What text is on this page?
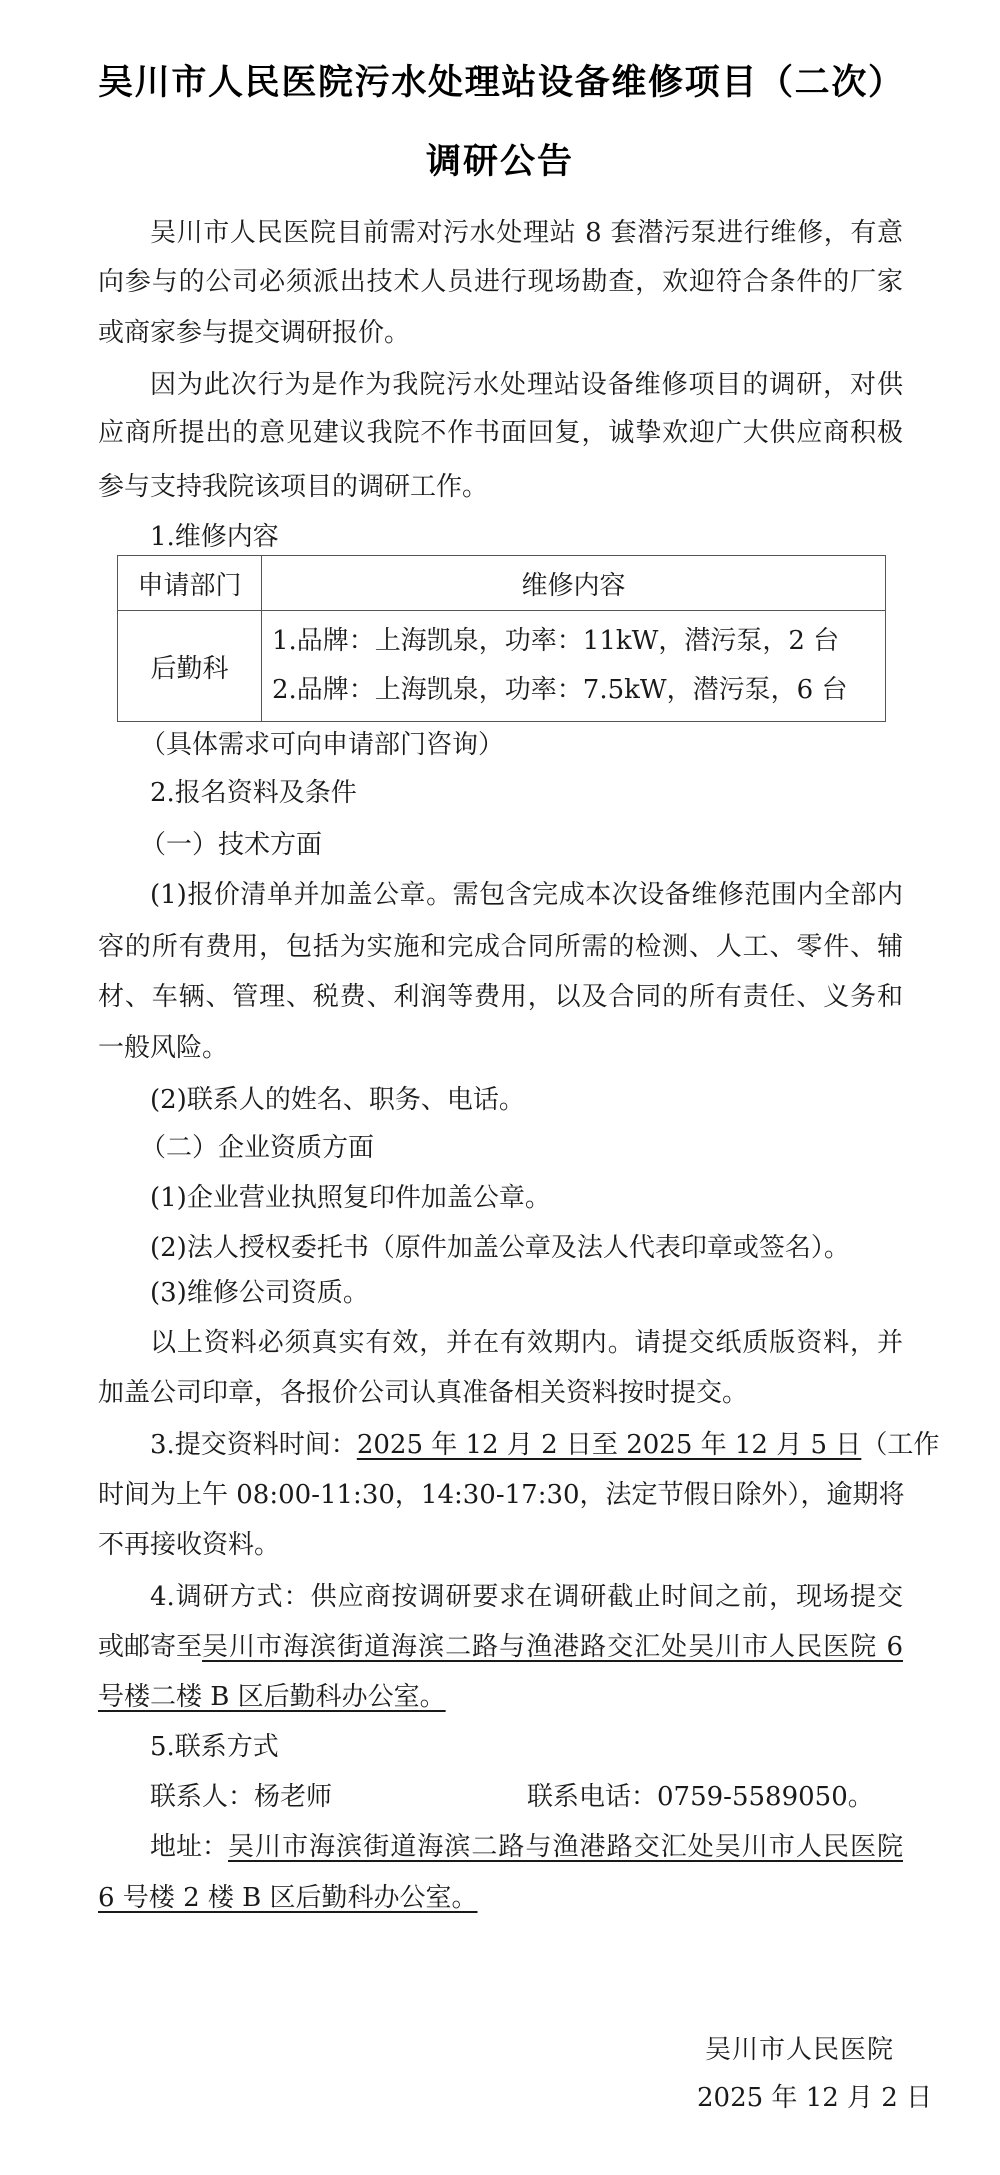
吴川市人民医院污水处理站设备维修项目（二次）
调研公告
吴川市人民医院目前需对污水处理站 8 套潜污泵进行维修，有意
向参与的公司必须派出技术人员进行现场勘查，欢迎符合条件的厂家
或商家参与提交调研报价。
因为此次行为是作为我院污水处理站设备维修项目的调研，对供
应商所提出的意见建议我院不作书面回复，诚挚欢迎广大供应商积极
参与支持我院该项目的调研工作。
1.维修内容
申请部门	维修内容
后勤科	1.品牌：上海凯泉，功率：11kW，潜污泵，2 台
2.品牌：上海凯泉，功率：7.5kW，潜污泵，6 台
（具体需求可向申请部门咨询）
2.报名资料及条件
（一）技术方面
(1)报价清单并加盖公章。需包含完成本次设备维修范围内全部内
容的所有费用，包括为实施和完成合同所需的检测、人工、零件、辅
材、车辆、管理、税费、利润等费用，以及合同的所有责任、义务和
一般风险。
(2)联系人的姓名、职务、电话。
（二）企业资质方面
(1)企业营业执照复印件加盖公章。
(2)法人授权委托书（原件加盖公章及法人代表印章或签名）。
(3)维修公司资质。
以上资料必须真实有效，并在有效期内。请提交纸质版资料，并
加盖公司印章，各报价公司认真准备相关资料按时提交。
3.提交资料时间： 2025 年 12 月 2 日至 2025 年 12 月 5 日 （工作
时间为上午 08:00-11:30，14:30-17:30，法定节假日除外），逾期将
不再接收资料。
4.调研方式：供应商按调研要求在调研截止时间之前，现场提交
或邮寄至 吴川市海滨街道海滨二路与渔港路交汇处吴川市人民医院 6
号楼二楼 B 区后勤科办公室。
5.联系方式
联系人：杨老师	联系电话：0759-5589050。
地址： 吴川市海滨街道海滨二路与渔港路交汇处吴川市人民医院
6 号楼 2 楼 B 区后勤科办公室。
吴川市人民医院
2025 年 12 月 2 日
